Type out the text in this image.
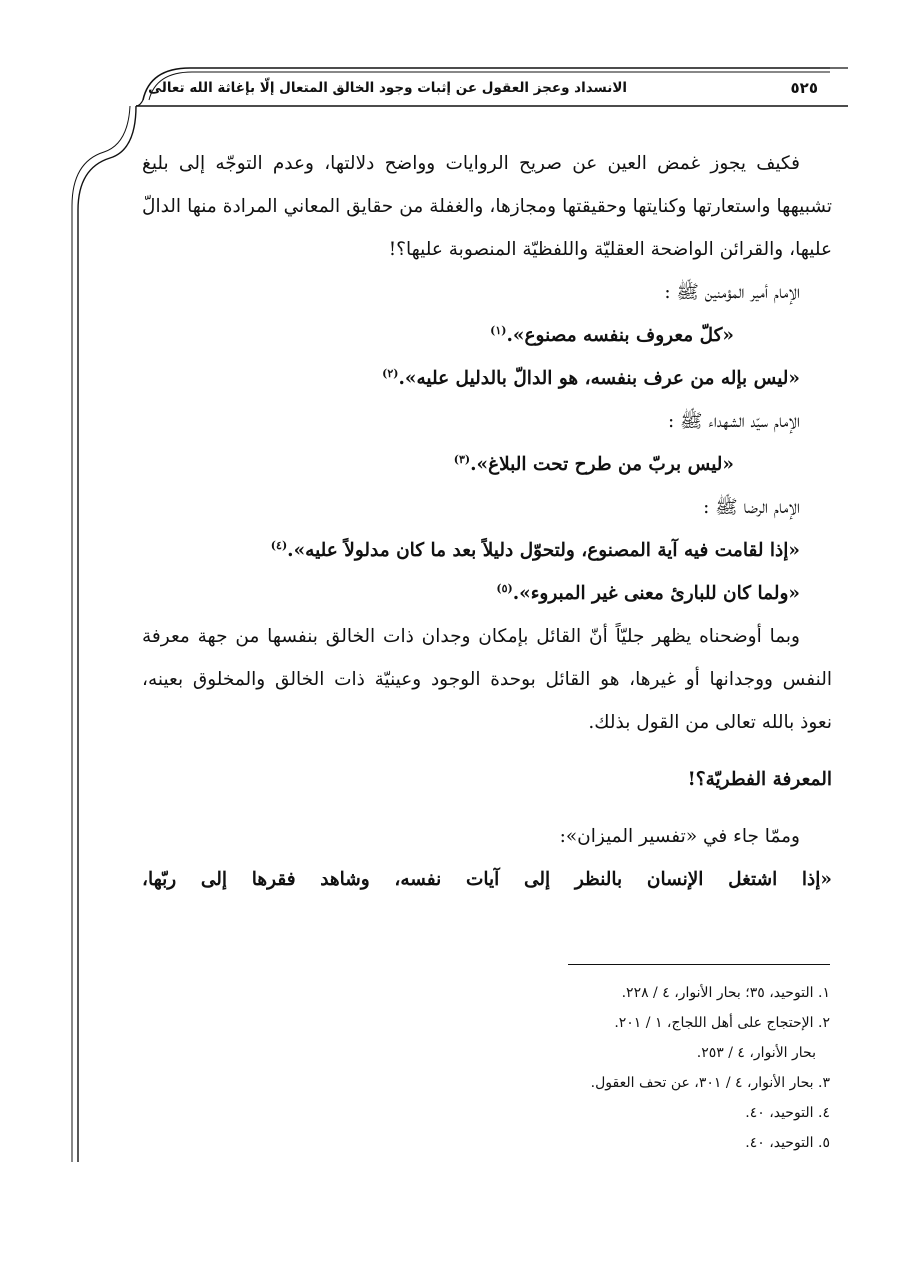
الانسداد وعجز العقول عن إثبات وجود الخالق المتعال إلّا بإغاثة الله تعالى	٥٢٥
فكيف يجوز غمض العين عن صريح الروايات وواضح دلالتها، وعدم التوجّه إلى بليغ
تشبيهها واستعارتها وكنايتها وحقيقتها ومجازها، والغفلة من حقايق المعاني المرادة منها الدالّ
عليها، والقرائن الواضحة العقليّة واللفظيّة المنصوبة عليها؟!
الإمام أمير المؤمنين ﷺ :
«كلّ معروف بنفسه مصنوع».$^{(١)}$
«ليس بإله من عرف بنفسه، هو الدالّ بالدليل عليه».$^{(٢)}$
الإمام سيّد الشهداء ﷺ :
«ليس بربّ من طرح تحت البلاغ».$^{(٣)}$
الإمام الرضا ﷺ :
«إذا لقامت فيه آية المصنوع، ولتحوّل دليلاً بعد ما كان مدلولاً عليه».$^{(٤)}$
«ولما كان للبارئ معنى غير المبروء».$^{(٥)}$
وبما أوضحناه يظهر جليّاً أنّ القائل بإمكان وجدان ذات الخالق بنفسها من جهة معرفة
النفس ووجدانها أو غيرها، هو القائل بوحدة الوجود وعينيّة ذات الخالق والمخلوق بعينه،
نعوذ بالله تعالى من القول بذلك.
المعرفة الفطريّة؟!
وممّا جاء في «تفسير الميزان»:
«إذا اشتغل الإنسان بالنظر إلى آيات نفسه، وشاهد فقرها إلى ربّها،
١. التوحيد، ٣٥؛ بحار الأنوار، ٤ / ٢٢٨.
٢. الإحتجاج على أهل اللجاج، ١ / ٢٠١.
بحار الأنوار، ٤ / ٢٥٣.
٣. بحار الأنوار، ٤ / ٣٠١، عن تحف العقول.
٤. التوحيد، ٤٠.
٥. التوحيد، ٤٠.
